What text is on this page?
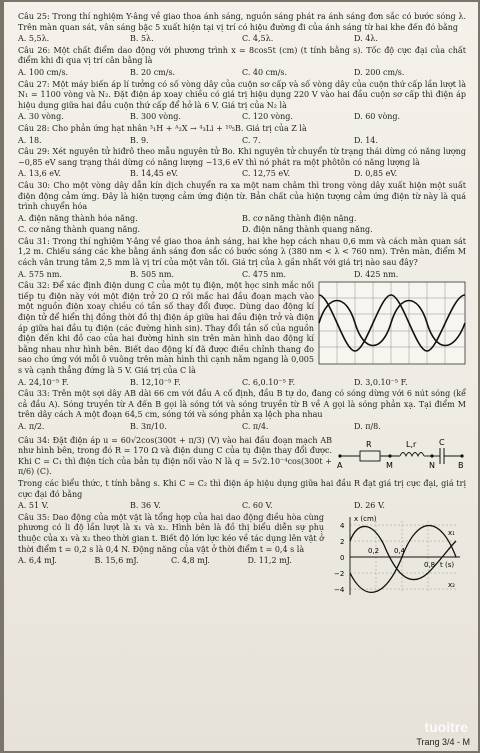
Câu 25: Trong thí nghiệm Y-âng về giao thoa ánh sáng, nguồn sáng phát ra ánh sáng đơn sắc có bước sóng λ. Trên màn quan sát, vân sáng bậc 5 xuất hiện tại vị trí có hiệu đường đi của ánh sáng từ hai khe đến đó bằng
A. 5,5λ.	B. 5λ.	C. 4,5λ.	D. 4λ.
Câu 26: Một chất điểm dao động với phương trình x = 8cos5t (cm) (t tính bằng s). Tốc độ cực đại của chất điểm khi đi qua vị trí cân bằng là
A. 100 cm/s.	B. 20 cm/s.	C. 40 cm/s.	D. 200 cm/s.
Câu 27: Một máy biến áp lí tưởng có số vòng dây của cuộn sơ cấp và số vòng dây của cuộn thứ cấp lần lượt là N₁ = 1100 vòng và N₂. Đặt điện áp xoay chiều có giá trị hiệu dụng 220 V vào hai đầu cuộn sơ cấp thì điện áp hiệu dụng giữa hai đầu cuộn thứ cấp để hở là 6 V. Giá trị của N₂ là
A. 30 vòng.	B. 300 vòng.	C. 120 vòng.	D. 60 vòng.
Câu 28: Cho phản ứng hạt nhân ³₁H + ᴬ₂X → ⁴₃Li + ¹⁰₅B. Giá trị của Z là
A. 18.	B. 9.	C. 7.	D. 14.
Câu 29: Xét nguyên tử hiđrô theo mẫu nguyên tử Bo. Khi nguyên tử chuyển từ trạng thái dừng có năng lượng −0,85 eV sang trạng thái dừng có năng lượng −13,6 eV thì nó phát ra một phôtôn có năng lượng là
A. 13,6 eV.	B. 14,45 eV.	C. 12,75 eV.	D. 0,85 eV.
Câu 30: Cho một vòng dây dẫn kín dịch chuyển ra xa một nam châm thì trong vòng dây xuất hiện một suất điện động cảm ứng. Đây là hiện tượng cảm ứng điện từ. Bản chất của hiện tượng cảm ứng điện từ này là quá trình chuyển hóa
A. điện năng thành hóa năng.	B. cơ năng thành điện năng.
C. cơ năng thành quang năng.	D. điện năng thành quang năng.
Câu 31: Trong thí nghiệm Y-âng về giao thoa ánh sáng, hai khe hẹp cách nhau 0,6 mm và cách màn quan sát 1,2 m. Chiếu sáng các khe bằng ánh sáng đơn sắc có bước sóng λ (380 nm < λ < 760 nm). Trên màn, điểm M cách vân trung tâm 2,5 mm là vị trí của một vân tối. Giá trị của λ gần nhất với giá trị nào sau đây?
A. 575 nm.	B. 505 nm.	C. 475 nm.	D. 425 nm.
Câu 32: Để xác định điện dung C của một tụ điện, một học sinh mắc nối tiếp tụ điện này với một điện trở 20 Ω rồi mắc hai đầu đoạn mạch vào một nguồn điện xoay chiều có tần số thay đổi được. Dùng dao động kí điện tử để hiển thị đồng thời đồ thị điện áp giữa hai đầu điện trở và điện áp giữa hai đầu tụ điện (các đường hình sin). Thay đổi tần số của nguồn điện đến khi đồ cao của hai đường hình sin trên màn hình dao động kí bằng nhau như hình bên. Biết dao động kí đã được điều chỉnh thang đo sao cho ứng với mỗi ô vuông trên màn hình thì cạnh nằm ngang là 0,005 s và cạnh thẳng đứng là 5 V. Giá trị của C là
A. 24,10⁻⁵ F.	B. 12,10⁻⁵ F.	C. 6,0.10⁻⁵ F.	D. 3,0.10⁻⁵ F.
Câu 33: Trên một sợi dây AB dài 66 cm với đầu A cố định, đầu B tự do, đang có sóng dừng với 6 nút sóng (kể cả đầu A). Sóng truyền từ A đến B gọi là sóng tới và sóng truyền từ B về A gọi là sóng phản xạ. Tại điểm M trên dây cách A một đoạn 64,5 cm, sóng tới và sóng phản xạ lệch pha nhau
A. π/2.	B. 3π/10.	C. π/4.	D. π/8.
Câu 34: Đặt điện áp u = 60√2cos(300t + π/3) (V) vào hai đầu đoạn mạch AB như hình bên, trong đó R = 170 Ω và điện dung C của tụ điện thay đổi được. Khi C = C₁ thì điện tích của bản tụ điện nối vào N là q = 5√2.10⁻⁴cos(300t + π/6) (C).
R	L,r	C
A	M	N	B
Trong các biểu thức, t tính bằng s. Khi C = C₂ thì điện áp hiệu dụng giữa hai đầu R đạt giá trị cực đại, giá trị cực đại đó bằng
A. 51 V.	B. 36 V.	C. 60 V.	D. 26 V.
Câu 35: Dao động của một vật là tổng hợp của hai dao động điều hòa cùng phương có li độ lần lượt là x₁ và x₂. Hình bên là đồ thị biểu diễn sự phụ thuộc của x₁ và x₂ theo thời gian t. Biết độ lớn lực kéo về tác dụng lên vật ở thời điểm t = 0,2 s là 0,4 N. Động năng của vật ở thời điểm t = 0,4 s là
A. 6,4 mJ.	B. 15,6 mJ.	C. 4,8 mJ.	D. 11,2 mJ.
x (cm)
t (s)
x₁
x₂
0,2 0,4
0,8
4
2
0
−2
−4
tuoitre
Trang 3/4 - M
